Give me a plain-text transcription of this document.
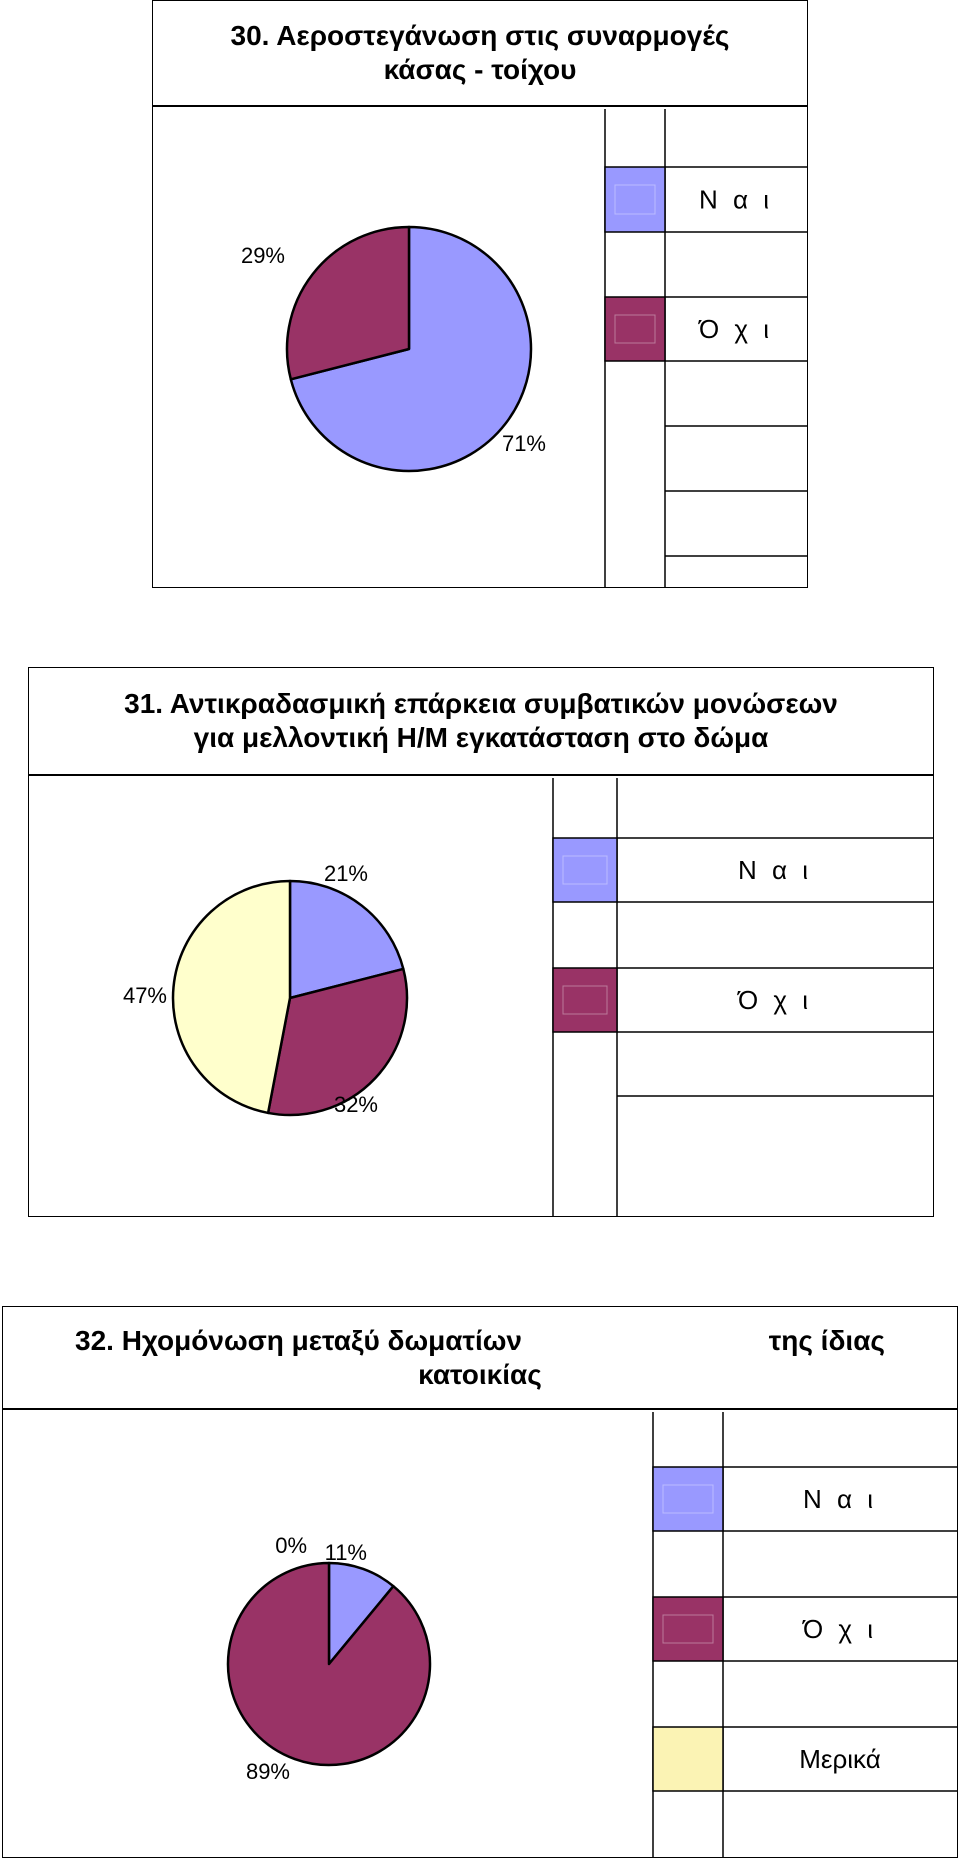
30. Αεροστεγάνωση στις συναρμογές
κάσας - τοίχου
Ν α ι
Ό χ ι
71%
29%
31. Αντικραδασμική επάρκεια συμβατικών μονώσεων
για μελλοντική Η/Μ εγκατάσταση στο δώμα
Ν α ι
Ό χ ι
21%
32%
47%
32. Ηχομόνωση μεταξύ δωματίων	της ίδιας
κατοικίας
Ν α ι
Ό χ ι
Μερικά
11%
89%
0%
